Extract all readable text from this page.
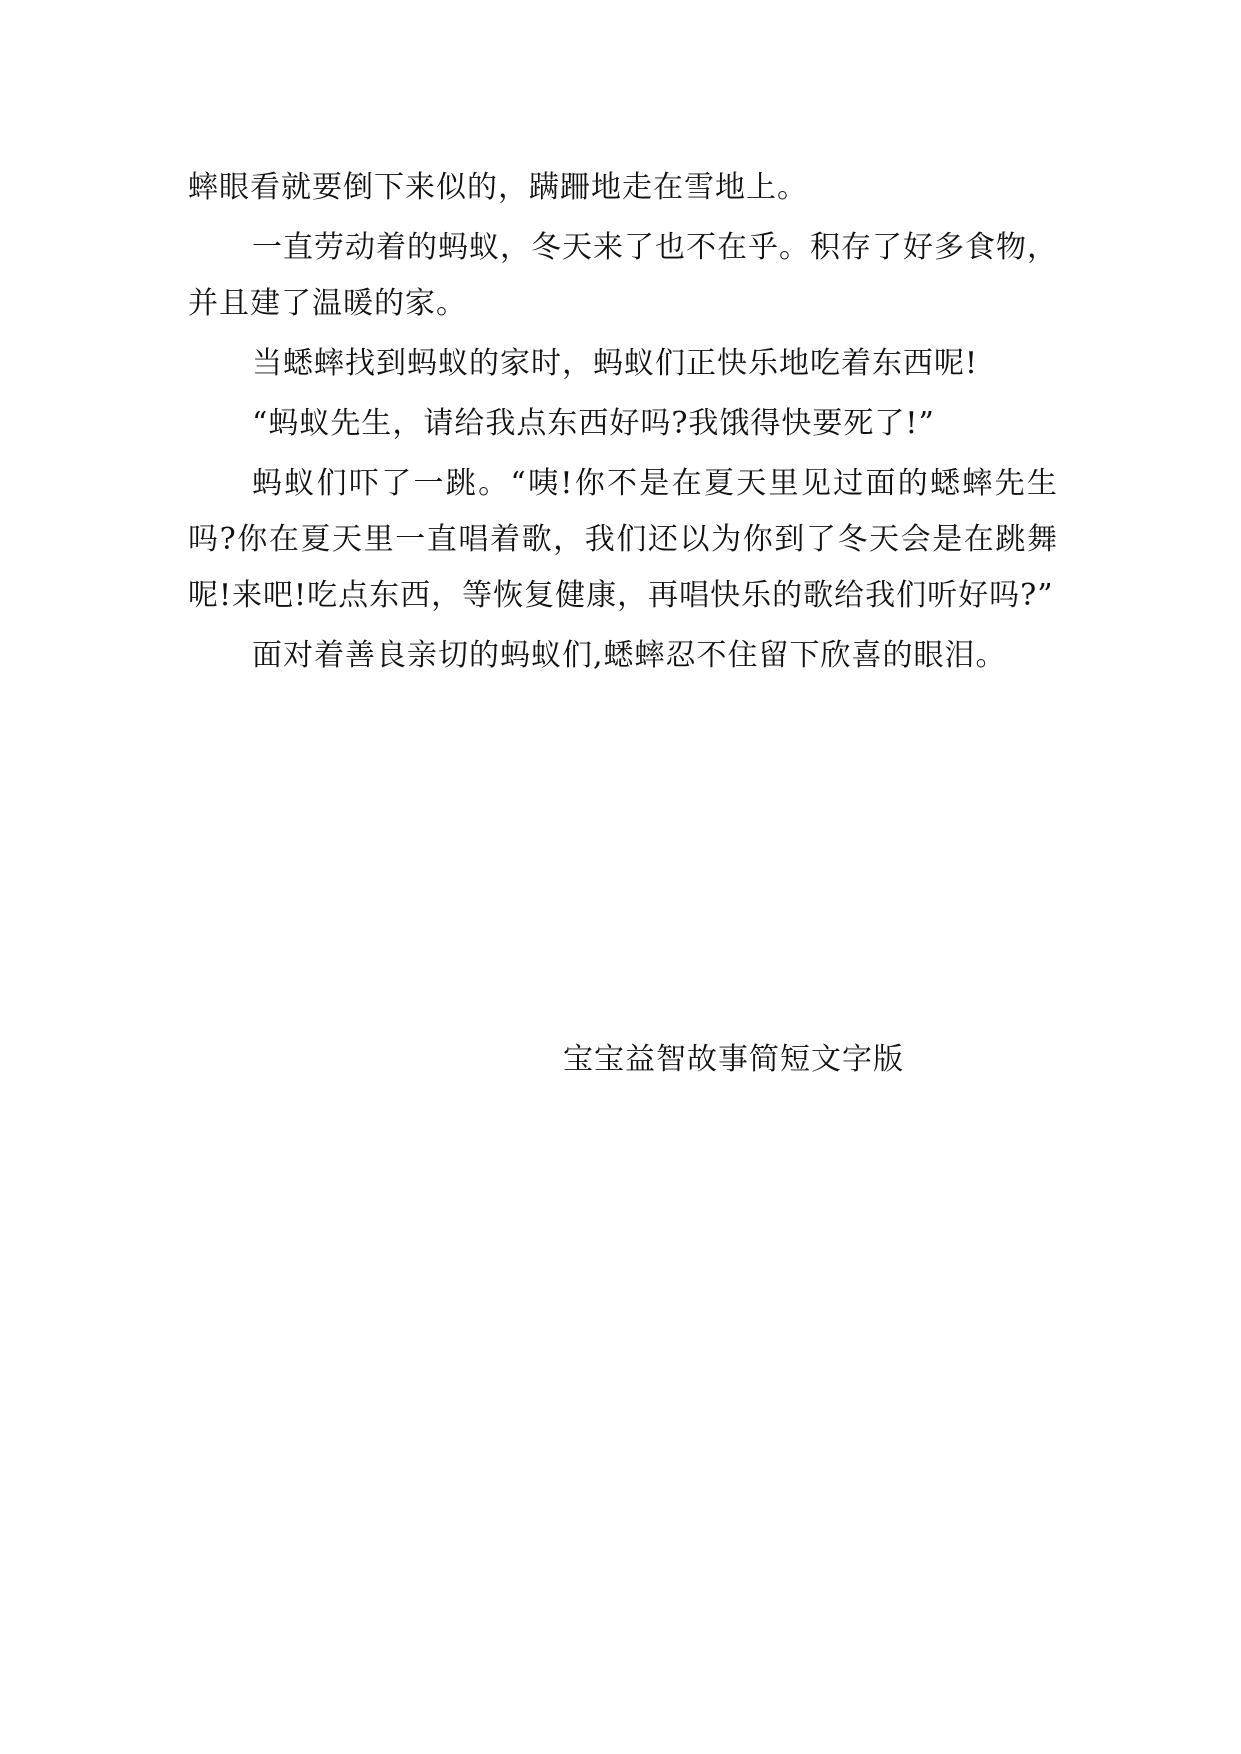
蟀眼看就要倒下来似的，蹒跚地走在雪地上。

一直劳动着的蚂蚁，冬天来了也不在乎。积存了好多食物，并且建了温暖的家。

当蟋蟀找到蚂蚁的家时，蚂蚁们正快乐地吃着东西呢!

“蚂蚁先生，请给我点东西好吗?我饿得快要死了!”

蚂蚁们吓了一跳。“咦!你不是在夏天里见过面的蟋蟀先生吗?你在夏天里一直唱着歌，我们还以为你到了冬天会是在跳舞呢!来吧!吃点东西，等恢复健康，再唱快乐的歌给我们听好吗?”

面对着善良亲切的蚂蚁们,蟋蟀忍不住留下欣喜的眼泪。

宝宝益智故事简短文字版
